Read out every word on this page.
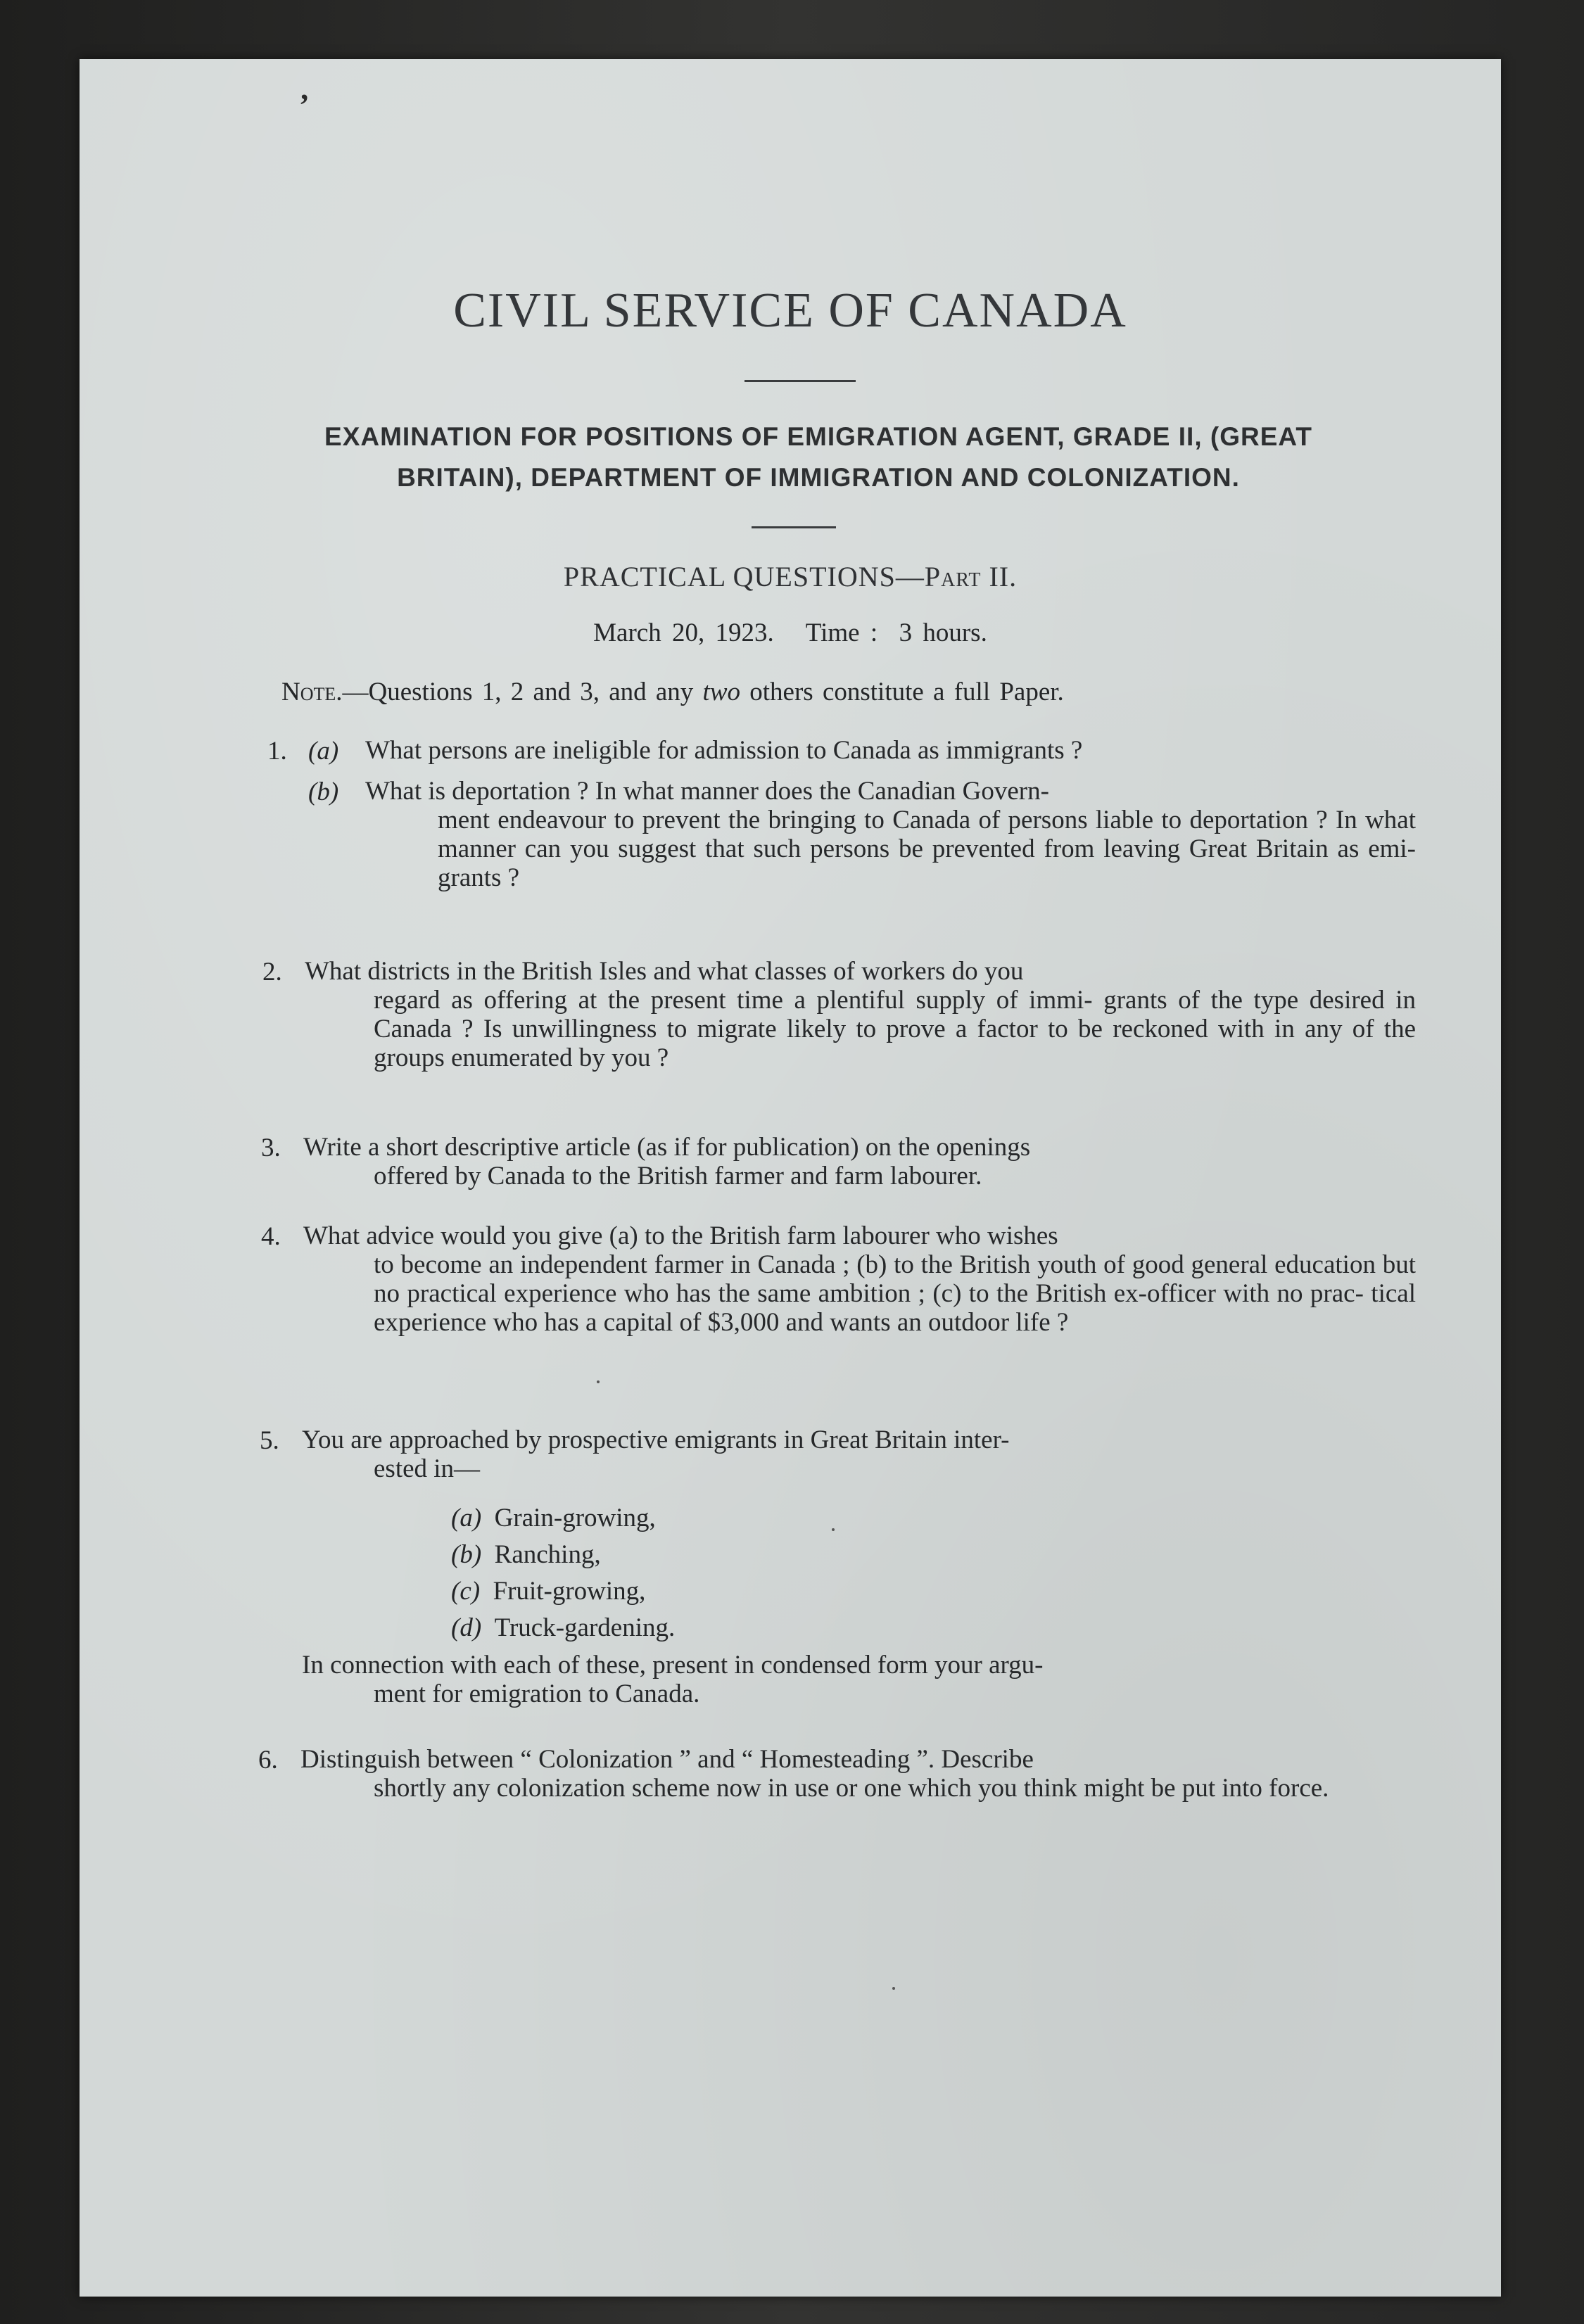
ʼ
CIVIL SERVICE OF CANADA
EXAMINATION FOR POSITIONS OF EMIGRATION AGENT, GRADE II, (GREAT
BRITAIN), DEPARTMENT OF IMMIGRATION AND COLONIZATION.
PRACTICAL QUESTIONS—Part II.
March 20, 1923.   Time :  3 hours.
Note.—Questions 1, 2 and 3, and any two others constitute a full Paper.
1. (a) What persons are ineligible for admission to Canada as immigrants ?
(b) What is deportation ? In what manner does the Canadian Govern-
ment endeavour to prevent the bringing to Canada of persons liable to deportation ? In what manner can you suggest that such persons be prevented from leaving Great Britain as emi- grants ?
2. What districts in the British Isles and what classes of workers do you
regard as offering at the present time a plentiful supply of immi- grants of the type desired in Canada ? Is unwillingness to migrate likely to prove a factor to be reckoned with in any of the groups enumerated by you ?
3. Write a short descriptive article (as if for publication) on the openings
offered by Canada to the British farmer and farm labourer.
4. What advice would you give (a) to the British farm labourer who wishes
to become an independent farmer in Canada ; (b) to the British youth of good general education but no practical experience who has the same ambition ; (c) to the British ex-officer with no prac- tical experience who has a capital of $3,000 and wants an outdoor life ?
5. You are approached by prospective emigrants in Great Britain inter-
ested in—
(a) Grain-growing,
(b) Ranching,
(c) Fruit-growing,
(d) Truck-gardening.
In connection with each of these, present in condensed form your argu-
ment for emigration to Canada.
6. Distinguish between “ Colonization ” and “ Homesteading ”. Describe
shortly any colonization scheme now in use or one which you think might be put into force.
